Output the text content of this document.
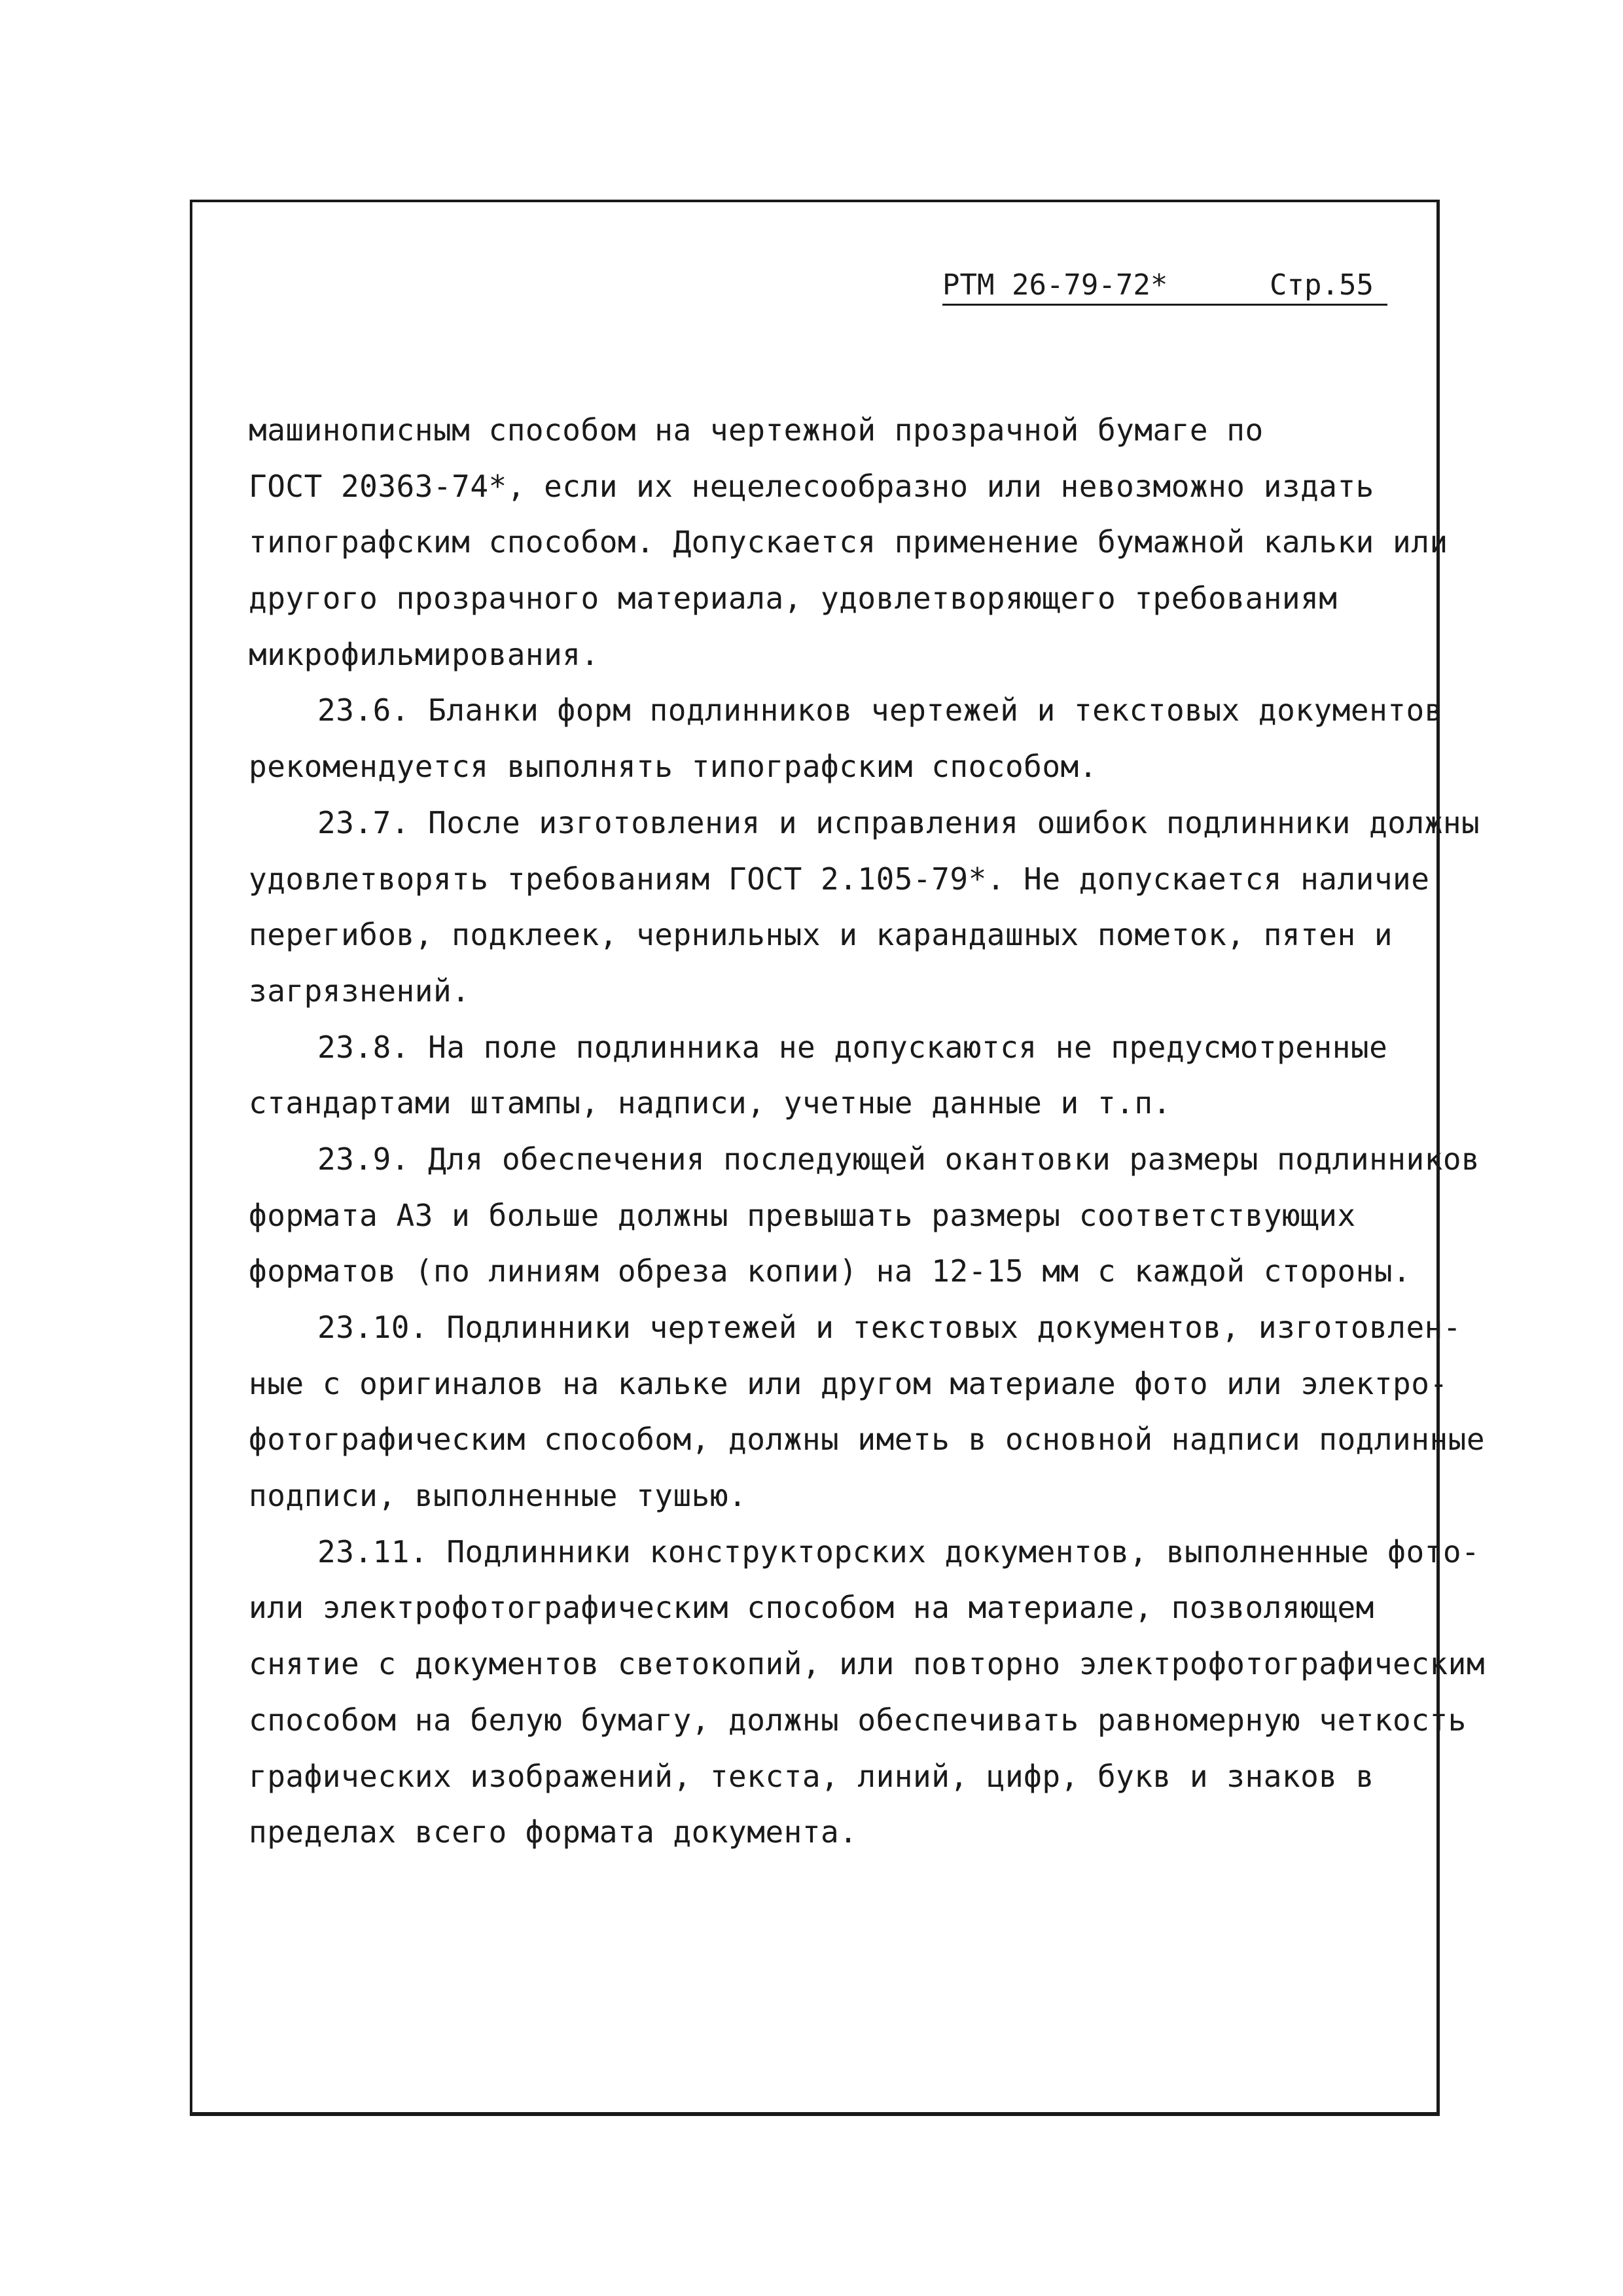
РТМ 26-79-72*	Стр.55
машинописным способом на чертежной прозрачной бумаге по
ГОСТ 20363-74*, если их нецелесообразно или невозможно издать
типографским способом. Допускается применение бумажной кальки или
другого прозрачного материала, удовлетворяющего требованиям
микрофильмирования.
23.6. Бланки форм подлинников чертежей и текстовых документов
рекомендуется выполнять типографским способом.
23.7. После изготовления и исправления ошибок подлинники должны
удовлетворять требованиям ГОСТ 2.105-79*. Не допускается наличие
перегибов, подклеек, чернильных и карандашных пометок, пятен и
загрязнений.
23.8. На поле подлинника не допускаются не предусмотренные
стандартами штампы, надписи, учетные данные и т.п.
23.9. Для обеспечения последующей окантовки размеры подлинников
формата А3 и больше должны превышать размеры соответствующих
форматов (по линиям обреза копии) на 12-15 мм с каждой стороны.
23.10. Подлинники чертежей и текстовых документов, изготовлен-
ные с оригиналов на кальке или другом материале фото или электро-
фотографическим способом, должны иметь в основной надписи подлинные
подписи, выполненные тушью.
23.11. Подлинники конструкторских документов, выполненные фото-
или электрофотографическим способом на материале, позволяющем
снятие с документов светокопий, или повторно электрофотографическим
способом на белую бумагу, должны обеспечивать равномерную четкость
графических изображений, текста, линий, цифр, букв и знаков в
пределах всего формата документа.
